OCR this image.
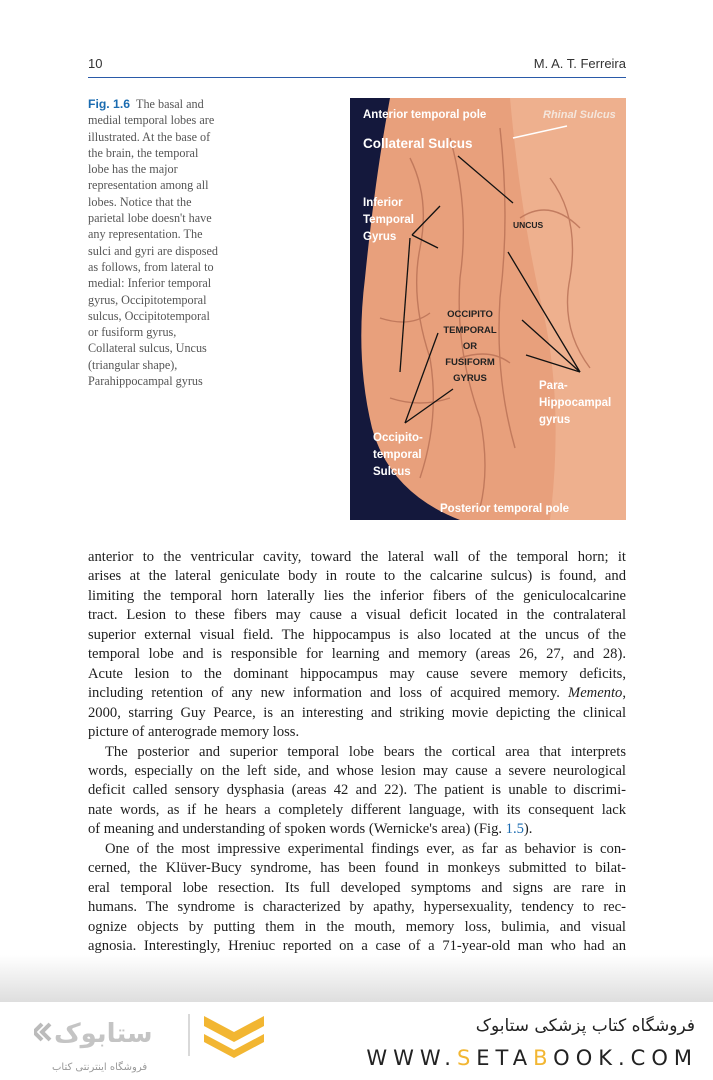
10	M. A. T. Ferreira
Fig. 1.6 The basal and
medial temporal lobes are
illustrated. At the base of
the brain, the temporal
lobe has the major
representation among all
lobes. Notice that the
parietal lobe doesn't have
any representation. The
sulci and gyri are disposed
as follows, from lateral to
medial: Inferior temporal
gyrus, Occipitotemporal
sulcus, Occipitotemporal
or fusiform gyrus,
Collateral sulcus, Uncus
(triangular shape),
Parahippocampal gyrus
Anterior temporal pole	Rhinal Sulcus
Collateral Sulcus
Inferior
Temporal
Gyrus
UNCUS
OCCIPITO
TEMPORAL
OR
FUSIFORM
GYRUS
Para-
Hippocampal
gyrus
Occipito-
temporal
Sulcus
Posterior temporal pole
anterior to the ventricular cavity, toward the lateral wall of the temporal horn; it
arises at the lateral geniculate body in route to the calcarine sulcus) is found, and
limiting the temporal horn laterally lies the inferior fibers of the geniculocalcarine
tract. Lesion to these fibers may cause a visual deficit located in the contralateral
superior external visual field. The hippocampus is also located at the uncus of the
temporal lobe and is responsible for learning and memory (areas 26, 27, and 28).
Acute lesion to the dominant hippocampus may cause severe memory deficits,
including retention of any new information and loss of acquired memory. Memento,
2000, starring Guy Pearce, is an interesting and striking movie depicting the clinical
picture of anterograde memory loss.
The posterior and superior temporal lobe bears the cortical area that interprets
words, especially on the left side, and whose lesion may cause a severe neurological
deficit called sensory dysphasia (areas 42 and 22). The patient is unable to discrimi-
nate words, as if he hears a completely different language, with its consequent lack
of meaning and understanding of spoken words (Wernicke's area) (Fig. 1.5).
One of the most impressive experimental findings ever, as far as behavior is con-
cerned, the Klüver-Bucy syndrome, has been found in monkeys submitted to bilat-
eral temporal lobe resection. Its full developed symptoms and signs are rare in
humans. The syndrome is characterized by apathy, hypersexuality, tendency to rec-
ognize objects by putting them in the mouth, memory loss, bulimia, and visual
agnosia. Interestingly, Hreniuc reported on a case of a 71-year-old man who had an
ستابوک
فروشگاه اینترنتی کتاب
فروشگاه کتاب پزشکی ستابوک
WWW.SETABOOK.COM
